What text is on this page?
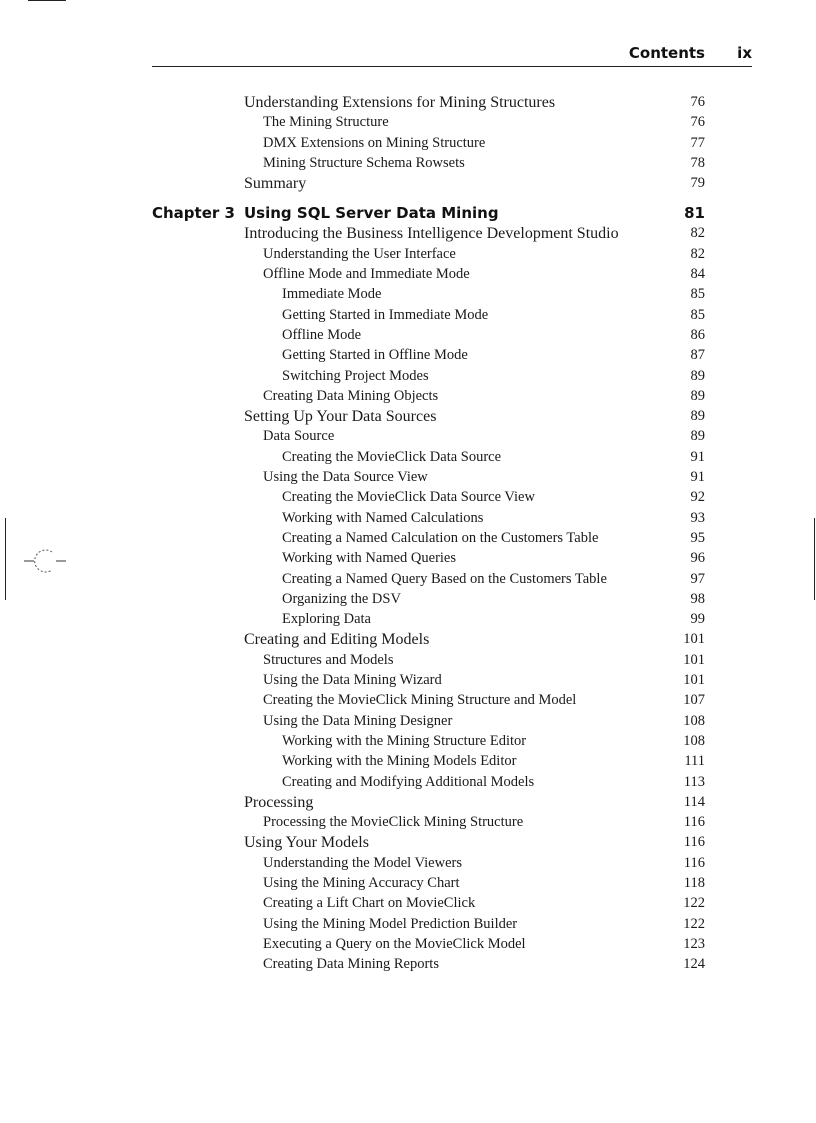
Contents ix
Understanding Extensions for Mining Structures	76
The Mining Structure	76
DMX Extensions on Mining Structure	77
Mining Structure Schema Rowsets	78
Summary	79
Chapter 3 Using SQL Server Data Mining	81
Introducing the Business Intelligence Development Studio	82
Understanding the User Interface	82
Offline Mode and Immediate Mode	84
Immediate Mode	85
Getting Started in Immediate Mode	85
Offline Mode	86
Getting Started in Offline Mode	87
Switching Project Modes	89
Creating Data Mining Objects	89
Setting Up Your Data Sources	89
Data Source	89
Creating the MovieClick Data Source	91
Using the Data Source View	91
Creating the MovieClick Data Source View	92
Working with Named Calculations	93
Creating a Named Calculation on the Customers Table	95
Working with Named Queries	96
Creating a Named Query Based on the Customers Table	97
Organizing the DSV	98
Exploring Data	99
Creating and Editing Models	101
Structures and Models	101
Using the Data Mining Wizard	101
Creating the MovieClick Mining Structure and Model	107
Using the Data Mining Designer	108
Working with the Mining Structure Editor	108
Working with the Mining Models Editor	111
Creating and Modifying Additional Models	113
Processing	114
Processing the MovieClick Mining Structure	116
Using Your Models	116
Understanding the Model Viewers	116
Using the Mining Accuracy Chart	118
Creating a Lift Chart on MovieClick	122
Using the Mining Model Prediction Builder	122
Executing a Query on the MovieClick Model	123
Creating Data Mining Reports	124
